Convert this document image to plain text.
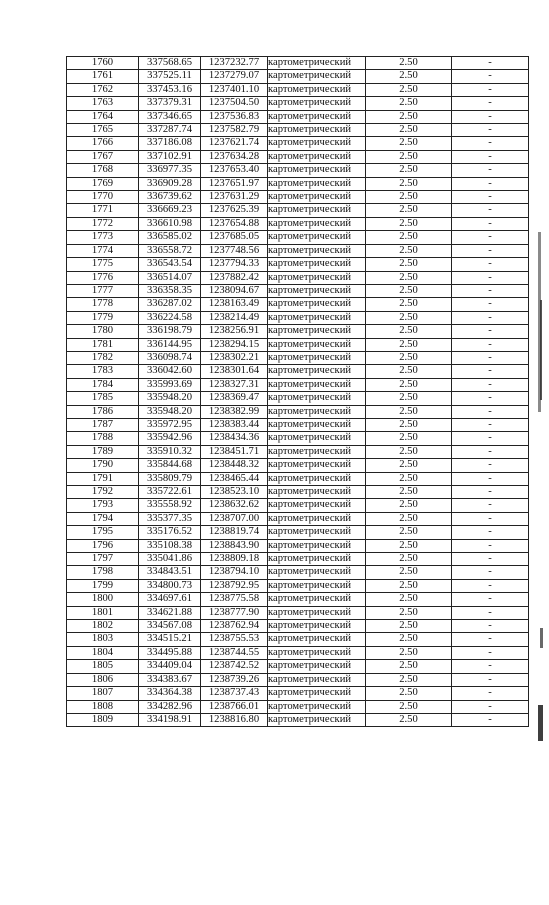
1760	337568.65	1237232.77	картометрический	2.50	-
1761	337525.11	1237279.07	картометрический	2.50	-
1762	337453.16	1237401.10	картометрический	2.50	-
1763	337379.31	1237504.50	картометрический	2.50	-
1764	337346.65	1237536.83	картометрический	2.50	-
1765	337287.74	1237582.79	картометрический	2.50	-
1766	337186.08	1237621.74	картометрический	2.50	-
1767	337102.91	1237634.28	картометрический	2.50	-
1768	336977.35	1237653.40	картометрический	2.50	-
1769	336909.28	1237651.97	картометрический	2.50	-
1770	336739.62	1237631.29	картометрический	2.50	-
1771	336669.23	1237625.39	картометрический	2.50	-
1772	336610.98	1237654.88	картометрический	2.50	-
1773	336585.02	1237685.05	картометрический	2.50	-
1774	336558.72	1237748.56	картометрический	2.50	-
1775	336543.54	1237794.33	картометрический	2.50	-
1776	336514.07	1237882.42	картометрический	2.50	-
1777	336358.35	1238094.67	картометрический	2.50	-
1778	336287.02	1238163.49	картометрический	2.50	-
1779	336224.58	1238214.49	картометрический	2.50	-
1780	336198.79	1238256.91	картометрический	2.50	-
1781	336144.95	1238294.15	картометрический	2.50	-
1782	336098.74	1238302.21	картометрический	2.50	-
1783	336042.60	1238301.64	картометрический	2.50	-
1784	335993.69	1238327.31	картометрический	2.50	-
1785	335948.20	1238369.47	картометрический	2.50	-
1786	335948.20	1238382.99	картометрический	2.50	-
1787	335972.95	1238383.44	картометрический	2.50	-
1788	335942.96	1238434.36	картометрический	2.50	-
1789	335910.32	1238451.71	картометрический	2.50	-
1790	335844.68	1238448.32	картометрический	2.50	-
1791	335809.79	1238465.44	картометрический	2.50	-
1792	335722.61	1238523.10	картометрический	2.50	-
1793	335558.92	1238632.62	картометрический	2.50	-
1794	335377.35	1238707.00	картометрический	2.50	-
1795	335176.52	1238819.74	картометрический	2.50	-
1796	335108.38	1238843.90	картометрический	2.50	-
1797	335041.86	1238809.18	картометрический	2.50	-
1798	334843.51	1238794.10	картометрический	2.50	-
1799	334800.73	1238792.95	картометрический	2.50	-
1800	334697.61	1238775.58	картометрический	2.50	-
1801	334621.88	1238777.90	картометрический	2.50	-
1802	334567.08	1238762.94	картометрический	2.50	-
1803	334515.21	1238755.53	картометрический	2.50	-
1804	334495.88	1238744.55	картометрический	2.50	-
1805	334409.04	1238742.52	картометрический	2.50	-
1806	334383.67	1238739.26	картометрический	2.50	-
1807	334364.38	1238737.43	картометрический	2.50	-
1808	334282.96	1238766.01	картометрический	2.50	-
1809	334198.91	1238816.80	картометрический	2.50	-
